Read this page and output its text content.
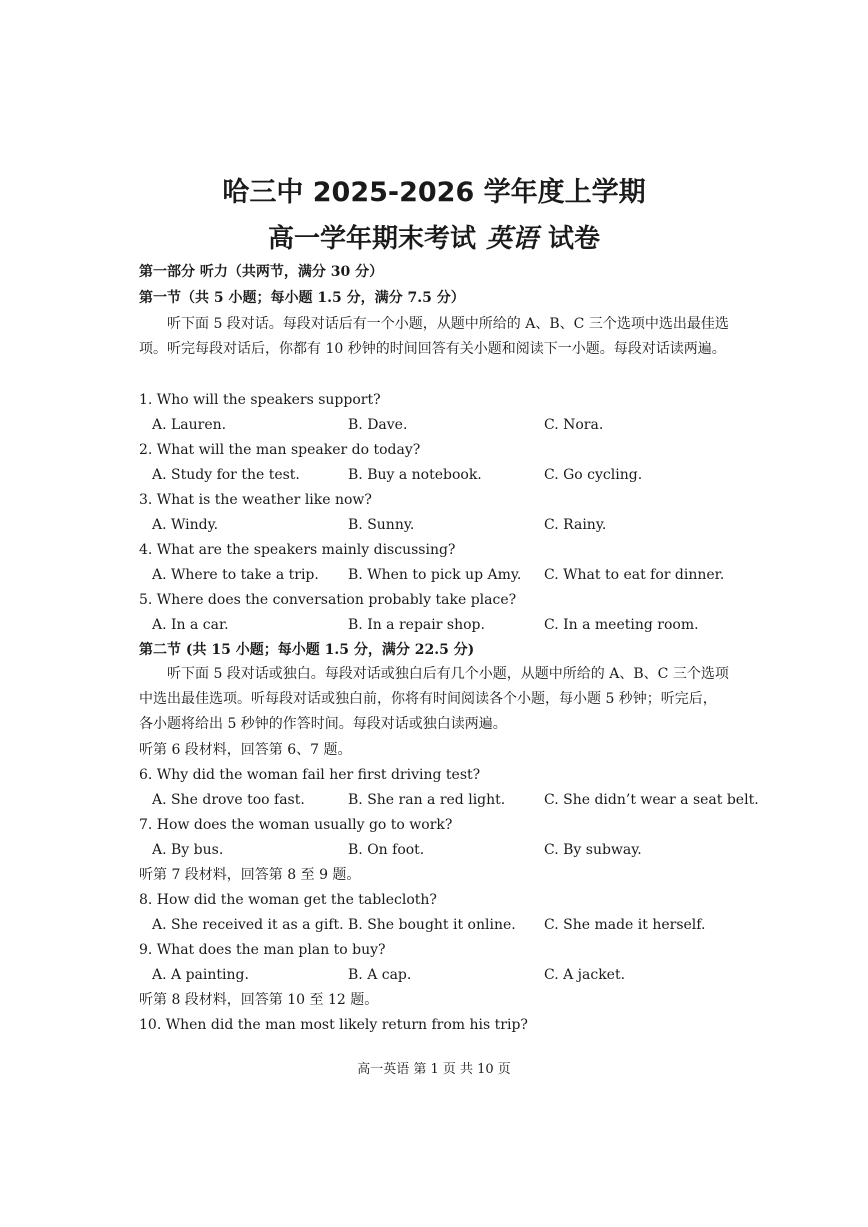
哈三中 2025-2026 学年度上学期
高一学年期末考试 英语 试卷
第一部分 听力（共两节，满分 30 分）
第一节（共 5 小题；每小题 1.5 分，满分 7.5 分）
听下面 5 段对话。每段对话后有一个小题，从题中所给的 A、B、C 三个选项中选出最佳选项。听完每段对话后，你都有 10 秒钟的时间回答有关小题和阅读下一小题。每段对话读两遍。
1. Who will the speakers support?
A. Lauren.	B. Dave.	C. Nora.
2. What will the man speaker do today?
A. Study for the test.	B. Buy a notebook.	C. Go cycling.
3. What is the weather like now?
A. Windy.	B. Sunny.	C. Rainy.
4. What are the speakers mainly discussing?
A. Where to take a trip. B. When to pick up Amy. C. What to eat for dinner.
5. Where does the conversation probably take place?
A. In a car.	B. In a repair shop.	C. In a meeting room.
第二节 (共 15 小题；每小题 1.5 分，满分 22.5 分)
听下面 5 段对话或独白。每段对话或独白后有几个小题，从题中所给的 A、B、C 三个选项中选出最佳选项。听每段对话或独白前，你将有时间阅读各个小题，每小题 5 秒钟；听完后，各小题将给出 5 秒钟的作答时间。每段对话或独白读两遍。
听第 6 段材料，回答第 6、7 题。
6. Why did the woman fail her first driving test?
A. She drove too fast.	B. She ran a red light.	C. She didn’t wear a seat belt.
7. How does the woman usually go to work?
A. By bus.	B. On foot.	C. By subway.
听第 7 段材料，回答第 8 至 9 题。
8. How did the woman get the tablecloth?
A. She received it as a gift. B. She bought it online. C. She made it herself.
9. What does the man plan to buy?
A. A painting.	B. A cap.	C. A jacket.
听第 8 段材料，回答第 10 至 12 题。
10. When did the man most likely return from his trip?
高一英语 第 1 页 共 10 页
